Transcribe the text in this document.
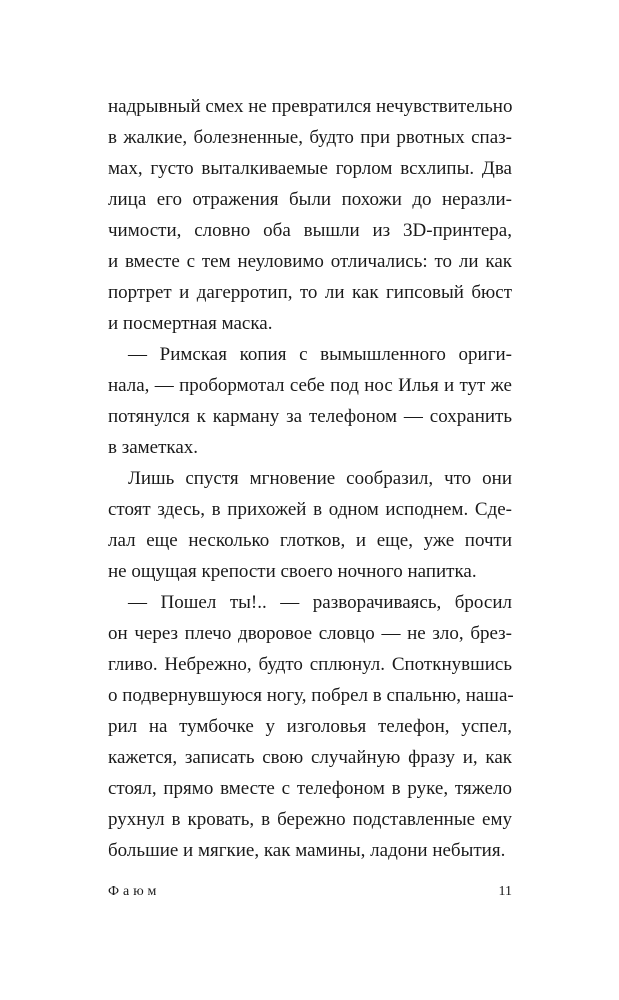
надрывный смех не превратился нечувствительно
в жалкие, болезненные, будто при рвотных спаз-
мах, густо выталкиваемые горлом всхлипы. Два
лица его отражения были похожи до неразли-
чимости, словно оба вышли из 3D-принтера,
и вместе с тем неуловимо отличались: то ли как
портрет и дагерротип, то ли как гипсовый бюст
и посмертная маска.
— Римская копия с вымышленного ориги-
нала, — пробормотал себе под нос Илья и тут же
потянулся к карману за телефоном — сохранить
в заметках.
Лишь спустя мгновение сообразил, что они
стоят здесь, в прихожей в одном исподнем. Сде-
лал еще несколько глотков, и еще, уже почти
не ощущая крепости своего ночного напитка.
— Пошел ты!.. — разворачиваясь, бросил
он через плечо дворовое словцо — не зло, брез-
гливо. Небрежно, будто сплюнул. Споткнувшись
о подвернувшуюся ногу, побрел в спальню, наша-
рил на тумбочке у изголовья телефон, успел,
кажется, записать свою случайную фразу и, как
стоял, прямо вместе с телефоном в руке, тяжело
рухнул в кровать, в бережно подставленные ему
большие и мягкие, как мамины, ладони небытия.
Фаюм	11
